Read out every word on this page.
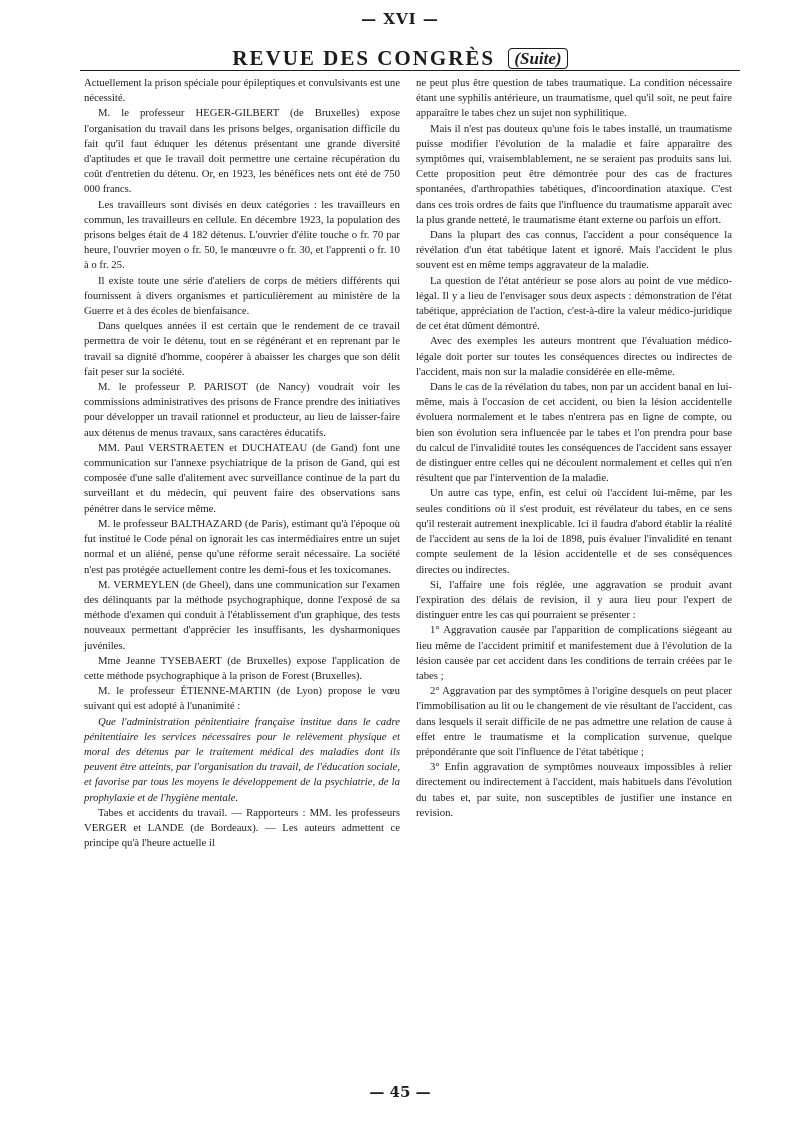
— XVI —
REVUE DES CONGRÈS (Suite)

Actuellement la prison spéciale pour épileptiques et convulsivants est une nécessité.

M. le professeur HEGER-GILBERT (de Bruxelles) expose l'organisation du travail dans les prisons belges, organisation difficile du fait qu'il faut éduquer les détenus présentant une grande diversité d'aptitudes et que le travail doit permettre une certaine récupération du coût d'entretien du détenu. Or, en 1923, les bénéfices nets ont été de 750 000 francs.

Les travailleurs sont divisés en deux catégories : les travailleurs en commun, les travailleurs en cellule. En décembre 1923, la population des prisons belges était de 4 182 détenus. L'ouvrier d'élite touche o fr. 70 par heure, l'ouvrier moyen o fr. 50, le manœuvre o fr. 30, et l'apprenti o fr. 10 à o fr. 25.

Il existe toute une série d'ateliers de corps de métiers différents qui fournissent à divers organismes et particulièrement au ministère de la Guerre et à des écoles de bienfaisance.

Dans quelques années il est certain que le rendement de ce travail permettra de voir le détenu, tout en se régénérant et en reprenant par le travail sa dignité d'homme, coopérer à abaisser les charges que son délit fait peser sur la société.

M. le professeur P. PARISOT (de Nancy) voudrait voir les commissions administratives des prisons de France prendre des initiatives pour développer un travail rationnel et producteur, au lieu de laisser-faire aux détenus de menus travaux, sans caractères éducatifs.

MM. Paul VERSTRAETEN et DUCHATEAU (de Gand) font une communication sur l'annexe psychiatrique de la prison de Gand, qui est composée d'une salle d'alitement avec surveillance continue de la part du surveillant et du médecin, qui peuvent faire des observations sans pénétrer dans le service même.

M. le professeur BALTHAZARD (de Paris), estimant qu'à l'époque où fut institué le Code pénal on ignorait les cas intermédiaires entre un sujet normal et un aliéné, pense qu'une réforme serait nécessaire. La société n'est pas protégée actuellement contre les demi-fous et les toxicomanes.

M. VERMEYLEN (de Gheel), dans une communication sur l'examen des délinquants par la méthode psychographique, donne l'exposé de sa méthode d'examen qui conduit à l'établissement d'un graphique, des tests nouveaux permettant d'apprécier les insuffisants, les dysharmoniques juvéniles.

Mme Jeanne TYSEBAERT (de Bruxelles) expose l'application de cette méthode psychographique à la prison de Forest (Bruxelles).

M. le professeur ÉTIENNE-MARTIN (de Lyon) propose le vœu suivant qui est adopté à l'unanimité :

Que l'administration pénitentiaire française institue dans le cadre pénitentiaire les services nécessaires pour le relèvement physique et moral des détenus par le traitement médical des maladies dont ils peuvent être atteints, par l'organisation du travail, de l'éducation sociale, et favorise par tous les moyens le développement de la psychiatrie, de la prophylaxie et de l'hygiène mentale.

Tabes et accidents du travail. — Rapporteurs : MM. les professeurs VERGER et LANDE (de Bordeaux). — Les auteurs admettent ce principe qu'à l'heure actuelle il

ne peut plus être question de tabes traumatique. La condition nécessaire étant une syphilis antérieure, un traumatisme, quel qu'il soit, ne peut faire apparaître le tabes chez un sujet non syphilitique.

Mais il n'est pas douteux qu'une fois le tabes installé, un traumatisme puisse modifier l'évolution de la maladie et faire apparaître des symptômes qui, vraisemblablement, ne se seraient pas produits sans lui. Cette proposition peut être démontrée pour des cas de fractures spontanées, d'arthropathies tabétiques, d'incoordination ataxique. C'est dans ces trois ordres de faits que l'influence du traumatisme apparaît avec la plus grande netteté, le traumatisme étant externe ou parfois un effort.

Dans la plupart des cas connus, l'accident a pour conséquence la révélation d'un état tabétique latent et ignoré. Mais l'accident le plus souvent est en même temps aggravateur de la maladie.

La question de l'état antérieur se pose alors au point de vue médico-légal. Il y a lieu de l'envisager sous deux aspects : démonstration de l'état tabétique, appréciation de l'action, c'est-à-dire la valeur médico-juridique de cet état dûment démontré.

Avec des exemples les auteurs montrent que l'évaluation médico-légale doit porter sur toutes les conséquences directes ou indirectes de l'accident, mais non sur la maladie considérée en elle-même.

Dans le cas de la révélation du tabes, non par un accident banal en lui-même, mais à l'occasion de cet accident, ou bien la lésion accidentelle évoluera normalement et le tabes n'entrera pas en ligne de compte, ou bien son évolution sera influencée par le tabes et l'on prendra pour base du calcul de l'invalidité toutes les conséquences de l'accident sans essayer de distinguer entre celles qui ne découlent normalement et celles qui n'en résultent que par l'intervention de la maladie.

Un autre cas type, enfin, est celui où l'accident lui-même, par les seules conditions où il s'est produit, est révélateur du tabes, en ce sens qu'il resterait autrement inexplicable. Ici il faudra d'abord établir la réalité de l'accident au sens de la loi de 1898, puis évaluer l'invalidité en tenant compte seulement de la lésion accidentelle et de ses conséquences directes ou indirectes.

Si, l'affaire une fois réglée, une aggravation se produit avant l'expiration des délais de revision, il y aura lieu pour l'expert de distinguer entre les cas qui pourraient se présenter :

1° Aggravation causée par l'apparition de complications siégeant au lieu même de l'accident primitif et manifestement due à l'évolution de la lésion causée par cet accident dans les conditions de terrain créées par le tabes ;

2° Aggravation par des symptômes à l'origine desquels on peut placer l'immobilisation au lit ou le changement de vie résultant de l'accident, cas dans lesquels il serait difficile de ne pas admettre une relation de cause à effet entre le traumatisme et la complication survenue, quelque prépondérante que soit l'influence de l'état tabétique ;

3° Enfin aggravation de symptômes nouveaux impossibles à relier directement ou indirectement à l'accident, mais habituels dans l'évolution du tabes et, par suite, non susceptibles de justifier une instance en revision.

— 45 —
